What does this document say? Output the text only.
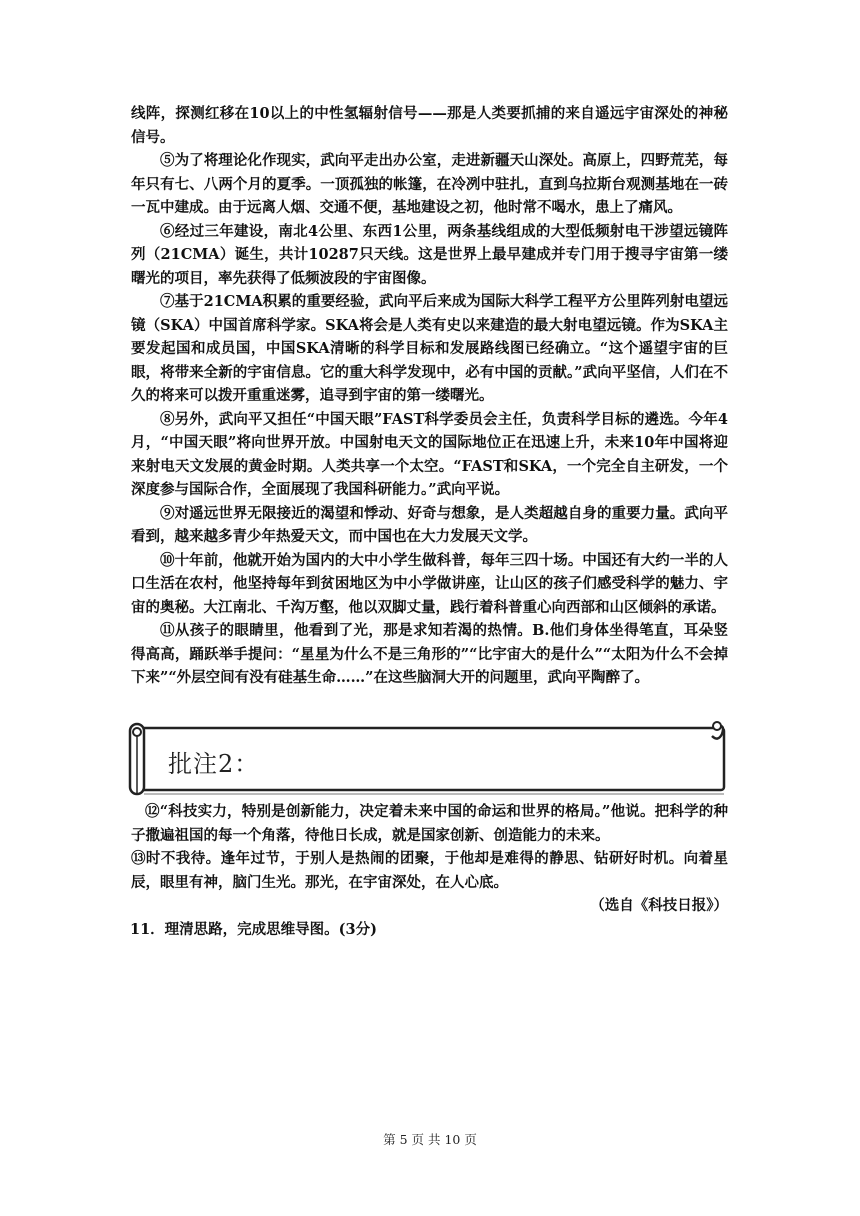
线阵，探测红移在10以上的中性氢辐射信号——那是人类要抓捕的来自遥远宇宙深处的神秘信号。

⑤为了将理论化作现实，武向平走出办公室，走进新疆天山深处。高原上，四野荒芜，每年只有七、八两个月的夏季。一顶孤独的帐篷，在冷冽中驻扎，直到乌拉斯台观测基地在一砖一瓦中建成。由于远离人烟、交通不便，基地建设之初，他时常不喝水，患上了痛风。

⑥经过三年建设，南北4公里、东西1公里，两条基线组成的大型低频射电干涉望远镜阵列（21CMA）诞生，共计10287只天线。这是世界上最早建成并专门用于搜寻宇宙第一缕曙光的项目，率先获得了低频波段的宇宙图像。

⑦基于21CMA积累的重要经验，武向平后来成为国际大科学工程平方公里阵列射电望远镜（SKA）中国首席科学家。SKA将会是人类有史以来建造的最大射电望远镜。作为SKA主要发起国和成员国，中国SKA清晰的科学目标和发展路线图已经确立。“这个遥望宇宙的巨眼，将带来全新的宇宙信息。它的重大科学发现中，必有中国的贡献。”武向平坚信，人们在不久的将来可以拨开重重迷雾，追寻到宇宙的第一缕曙光。

⑧另外，武向平又担任“中国天眼”FAST科学委员会主任，负责科学目标的遴选。今年4月，“中国天眼”将向世界开放。中国射电天文的国际地位正在迅速上升，未来10年中国将迎来射电天文发展的黄金时期。人类共享一个太空。“FAST和SKA，一个完全自主研发，一个深度参与国际合作，全面展现了我国科研能力。”武向平说。

⑨对遥远世界无限接近的渴望和悸动、好奇与想象，是人类超越自身的重要力量。武向平看到，越来越多青少年热爱天文，而中国也在大力发展天文学。

⑩十年前，他就开始为国内的大中小学生做科普，每年三四十场。中国还有大约一半的人口生活在农村，他坚持每年到贫困地区为中小学做讲座，让山区的孩子们感受科学的魅力、宇宙的奥秘。大江南北、千沟万壑，他以双脚丈量，践行着科普重心向西部和山区倾斜的承诺。

⑪从孩子的眼睛里，他看到了光，那是求知若渴的热情。B.他们身体坐得笔直，耳朵竖得高高，踊跃举手提问：“星星为什么不是三角形的”“比宇宙大的是什么”“太阳为什么不会掉下来”“外层空间有没有硅基生命……”在这些脑洞大开的问题里，武向平陶醉了。

批注2：

⑫“科技实力，特别是创新能力，决定着未来中国的命运和世界的格局。”他说。把科学的种子撒遍祖国的每一个角落，待他日长成，就是国家创新、创造能力的未来。

⑬时不我待。逢年过节，于别人是热闹的团聚，于他却是难得的静思、钻研好时机。向着星辰，眼里有神，脑门生光。那光，在宇宙深处，在人心底。

（选自《科技日报》）
11．理清思路，完成思维导图。(3分)
第 5 页 共 10 页
